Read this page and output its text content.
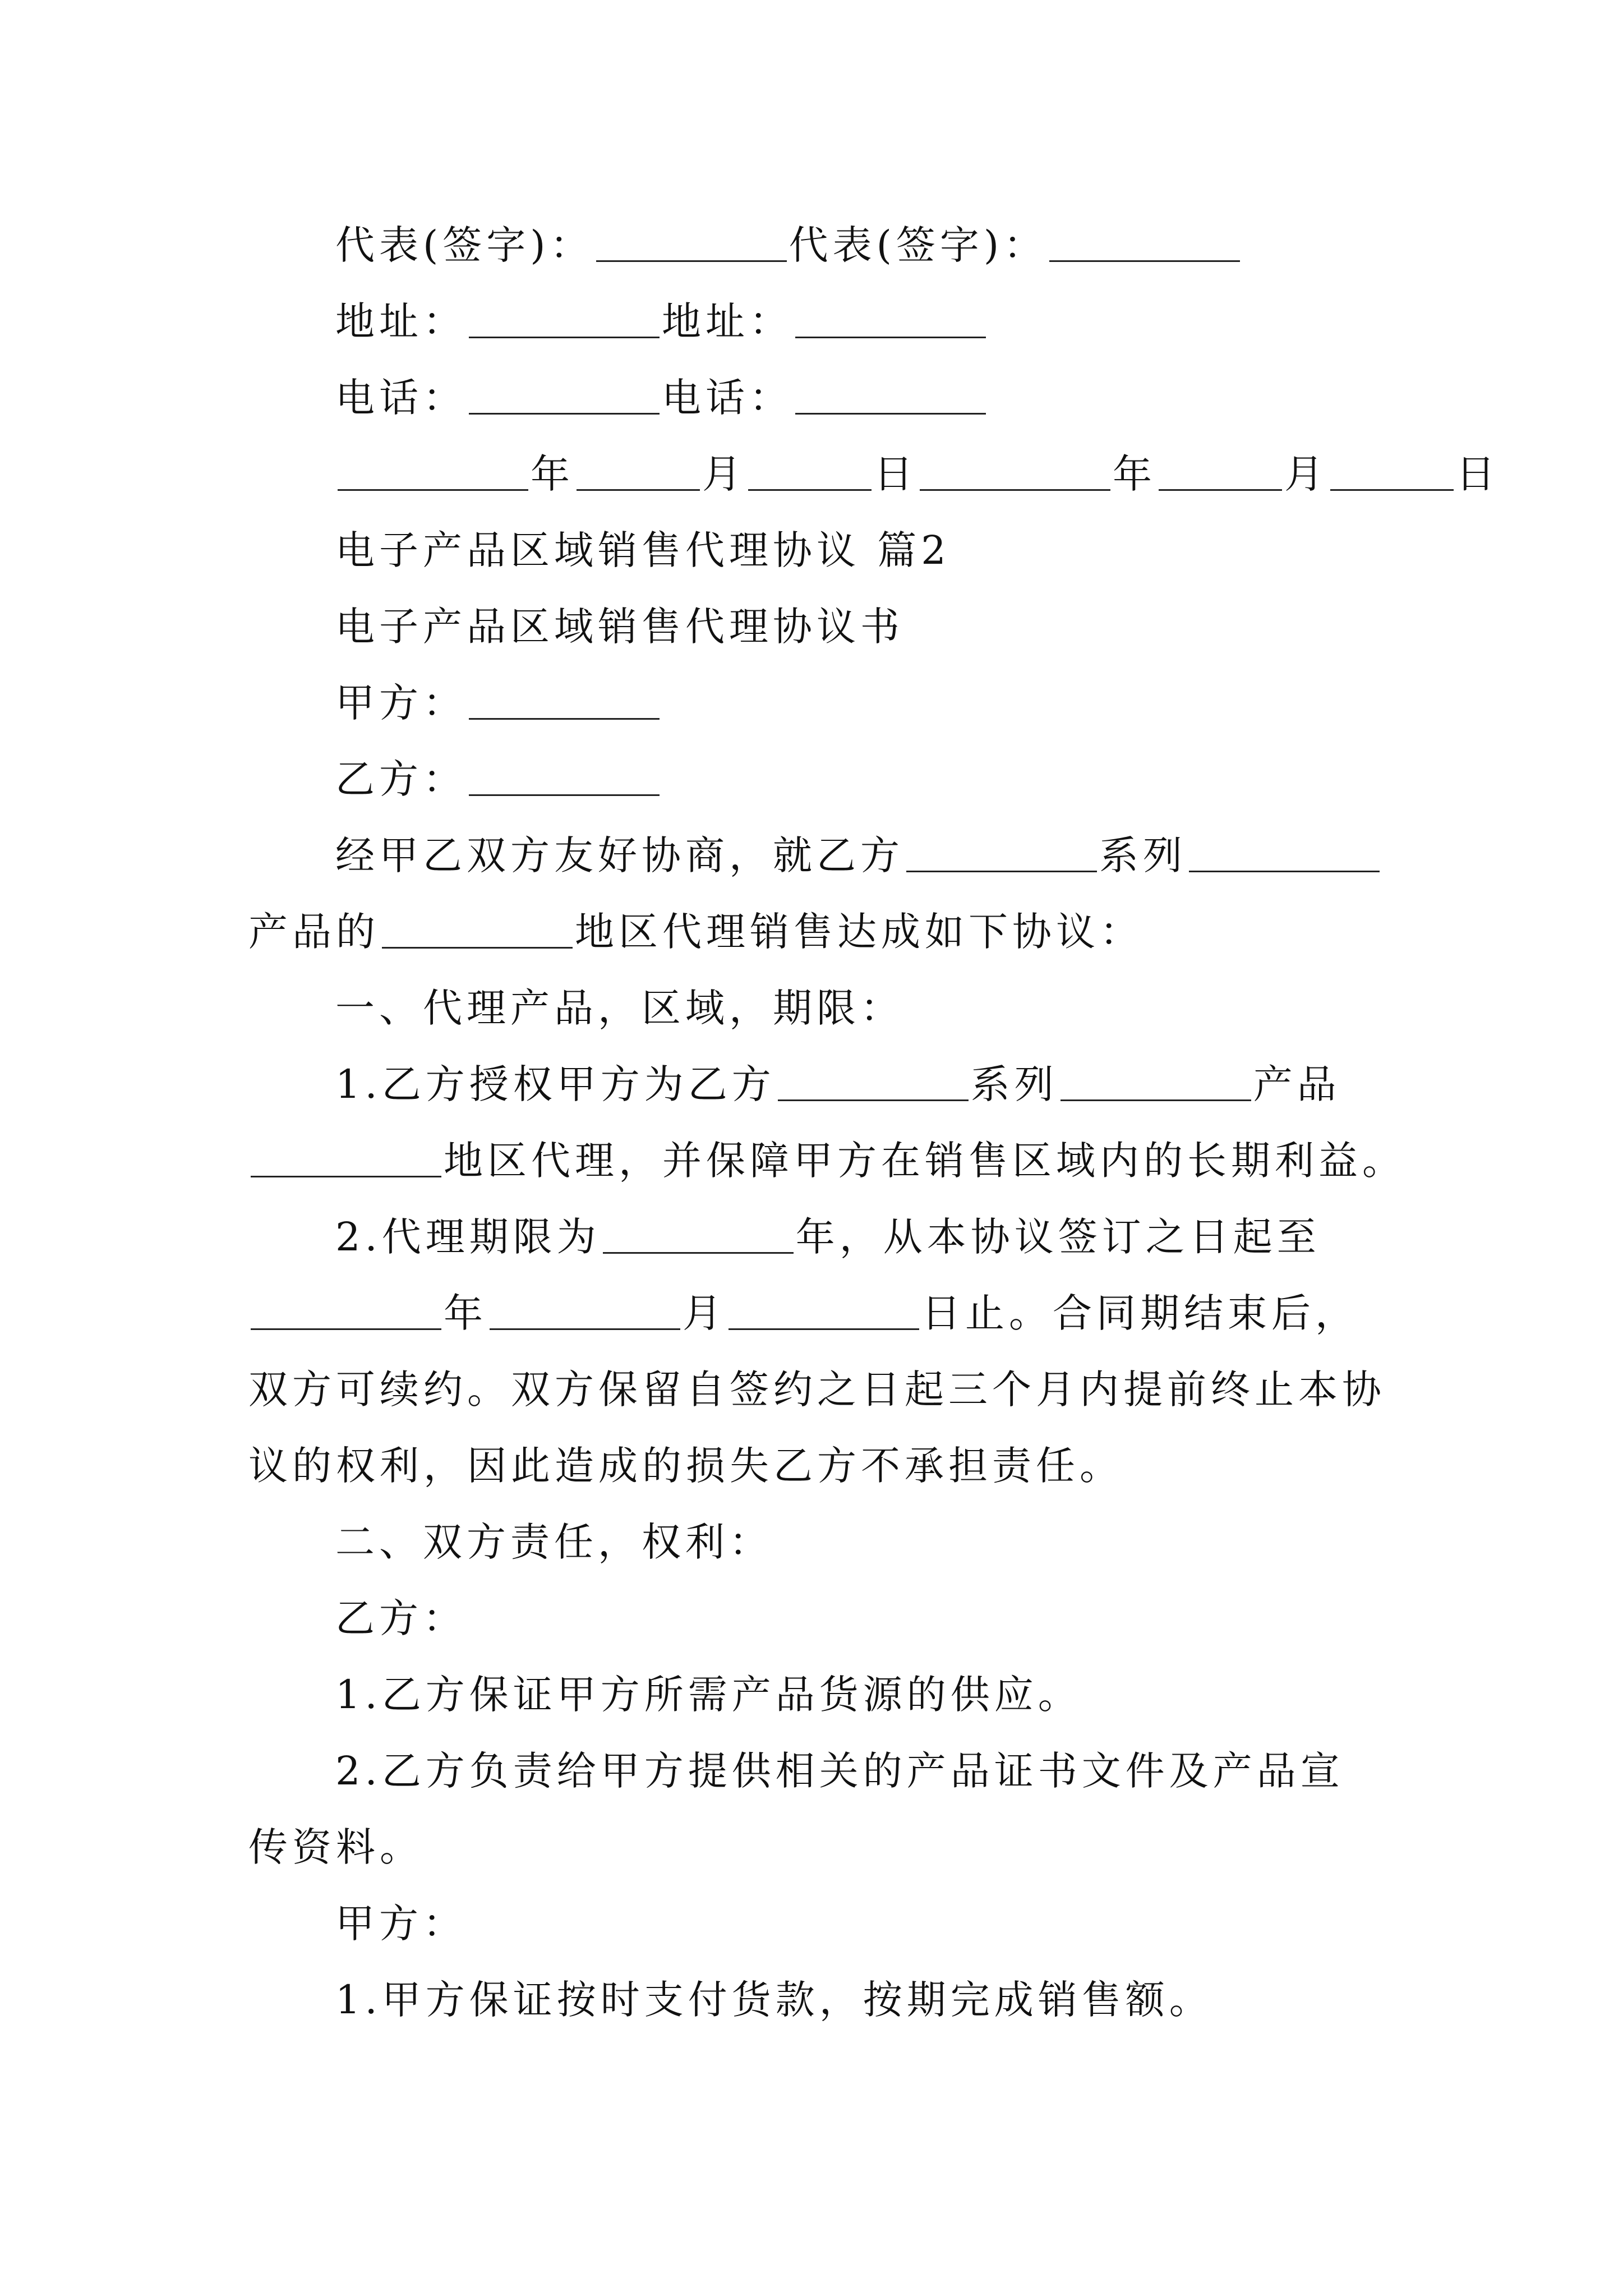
代表(签字)：	代表(签字)：
地址：	地址：
电话：	电话：
年	月	日	年	月	日
电子产品区域销售代理协议 篇2
电子产品区域销售代理协议书
甲方：
乙方：
经甲乙双方友好协商，就乙方	系列
产品的	地区代理销售达成如下协议：
一、代理产品，区域，期限：
1.乙方授权甲方为乙方	系列	产品
地区代理，并保障甲方在销售区域内的长期利益。
2.代理期限为	年，从本协议签订之日起至
年	月	日止。合同期结束后，
双方可续约。双方保留自签约之日起三个月内提前终止本协
议的权利，因此造成的损失乙方不承担责任。
二、双方责任，权利：
乙方：
1.乙方保证甲方所需产品货源的供应。
2.乙方负责给甲方提供相关的产品证书文件及产品宣
传资料。
甲方：
1.甲方保证按时支付货款，按期完成销售额。
